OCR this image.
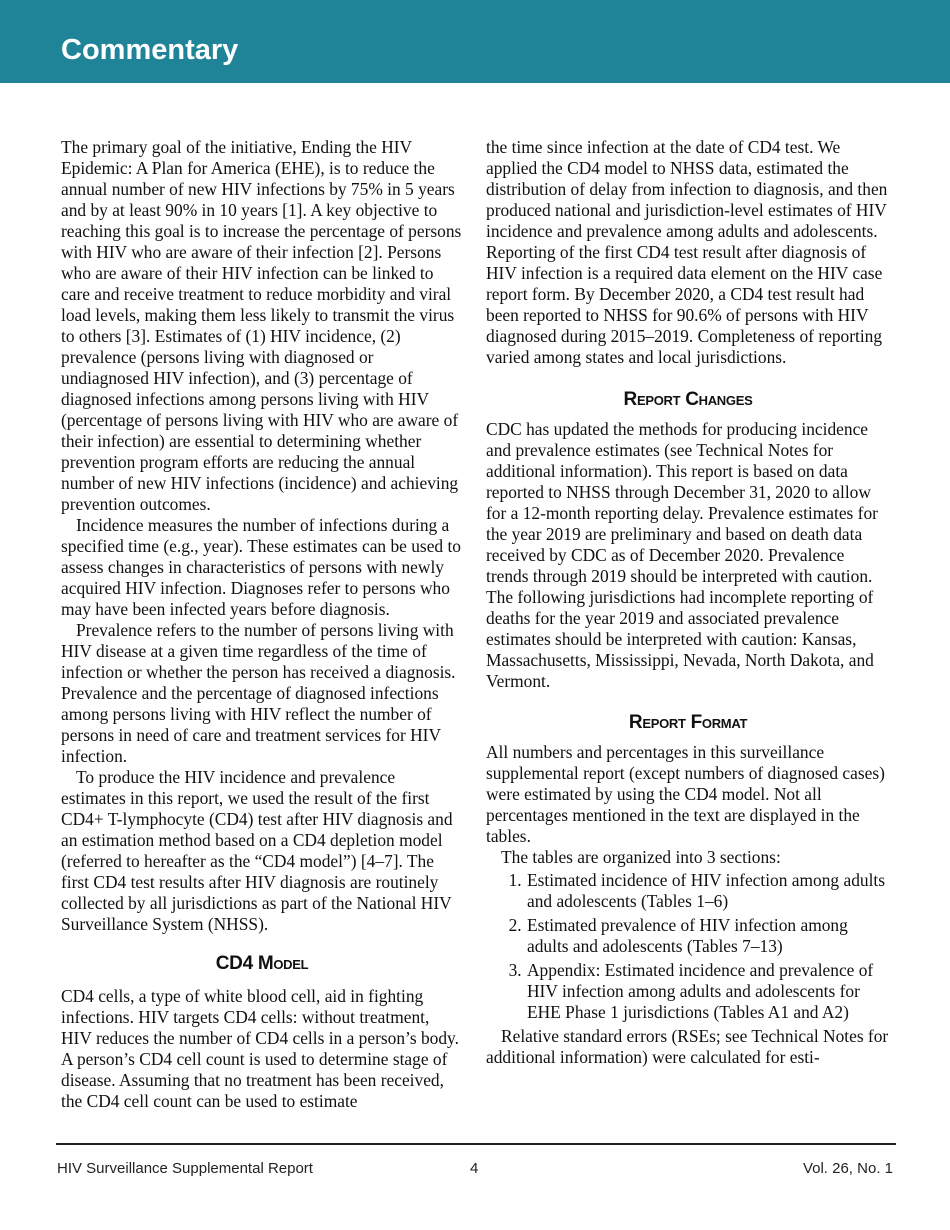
Commentary

The primary goal of the initiative, Ending the HIV Epidemic: A Plan for America (EHE), is to reduce the annual number of new HIV infections by 75% in 5 years and by at least 90% in 10 years [1]. A key objective to reaching this goal is to increase the percentage of persons with HIV who are aware of their infection [2]. Persons who are aware of their HIV infection can be linked to care and receive treatment to reduce morbidity and viral load levels, making them less likely to transmit the virus to others [3]. Estimates of (1) HIV incidence, (2) prevalence (persons living with diagnosed or undiagnosed HIV infection), and (3) percentage of diagnosed infections among persons living with HIV (percentage of persons living with HIV who are aware of their infection) are essential to determining whether prevention program efforts are reducing the annual number of new HIV infections (incidence) and achieving prevention outcomes.

Incidence measures the number of infections during a specified time (e.g., year). These estimates can be used to assess changes in characteristics of persons with newly acquired HIV infection. Diagnoses refer to persons who may have been infected years before diagnosis.

Prevalence refers to the number of persons living with HIV disease at a given time regardless of the time of infection or whether the person has received a diagnosis. Prevalence and the percentage of diagnosed infections among persons living with HIV reflect the number of persons in need of care and treatment services for HIV infection.

To produce the HIV incidence and prevalence estimates in this report, we used the result of the first CD4+ T-lymphocyte (CD4) test after HIV diagnosis and an estimation method based on a CD4 depletion model (referred to hereafter as the “CD4 model”) [4–7]. The first CD4 test results after HIV diagnosis are routinely collected by all jurisdictions as part of the National HIV Surveillance System (NHSS).

CD4 Model

CD4 cells, a type of white blood cell, aid in fighting infections. HIV targets CD4 cells: without treatment, HIV reduces the number of CD4 cells in a person’s body. A person’s CD4 cell count is used to determine stage of disease. Assuming that no treatment has been received, the CD4 cell count can be used to estimate

the time since infection at the date of CD4 test. We applied the CD4 model to NHSS data, estimated the distribution of delay from infection to diagnosis, and then produced national and jurisdiction-level estimates of HIV incidence and prevalence among adults and adolescents. Reporting of the first CD4 test result after diagnosis of HIV infection is a required data element on the HIV case report form. By December 2020, a CD4 test result had been reported to NHSS for 90.6% of persons with HIV diagnosed during 2015–2019. Completeness of reporting varied among states and local jurisdictions.

Report Changes

CDC has updated the methods for producing incidence and prevalence estimates (see Technical Notes for additional information). This report is based on data reported to NHSS through December 31, 2020 to allow for a 12-month reporting delay. Prevalence estimates for the year 2019 are preliminary and based on death data received by CDC as of December 2020. Prevalence trends through 2019 should be interpreted with caution. The following jurisdictions had incomplete reporting of deaths for the year 2019 and associated prevalence estimates should be interpreted with caution: Kansas, Massachusetts, Mississippi, Nevada, North Dakota, and Vermont.

Report Format

All numbers and percentages in this surveillance supplemental report (except numbers of diagnosed cases) were estimated by using the CD4 model. Not all percentages mentioned in the text are displayed in the tables.

The tables are organized into 3 sections:

1. Estimated incidence of HIV infection among adults and adolescents (Tables 1–6)
2. Estimated prevalence of HIV infection among adults and adolescents (Tables 7–13)
3. Appendix: Estimated incidence and prevalence of HIV infection among adults and adolescents for EHE Phase 1 jurisdictions (Tables A1 and A2)

Relative standard errors (RSEs; see Technical Notes for additional information) were calculated for esti-

HIV Surveillance Supplemental Report	4	Vol. 26, No. 1
